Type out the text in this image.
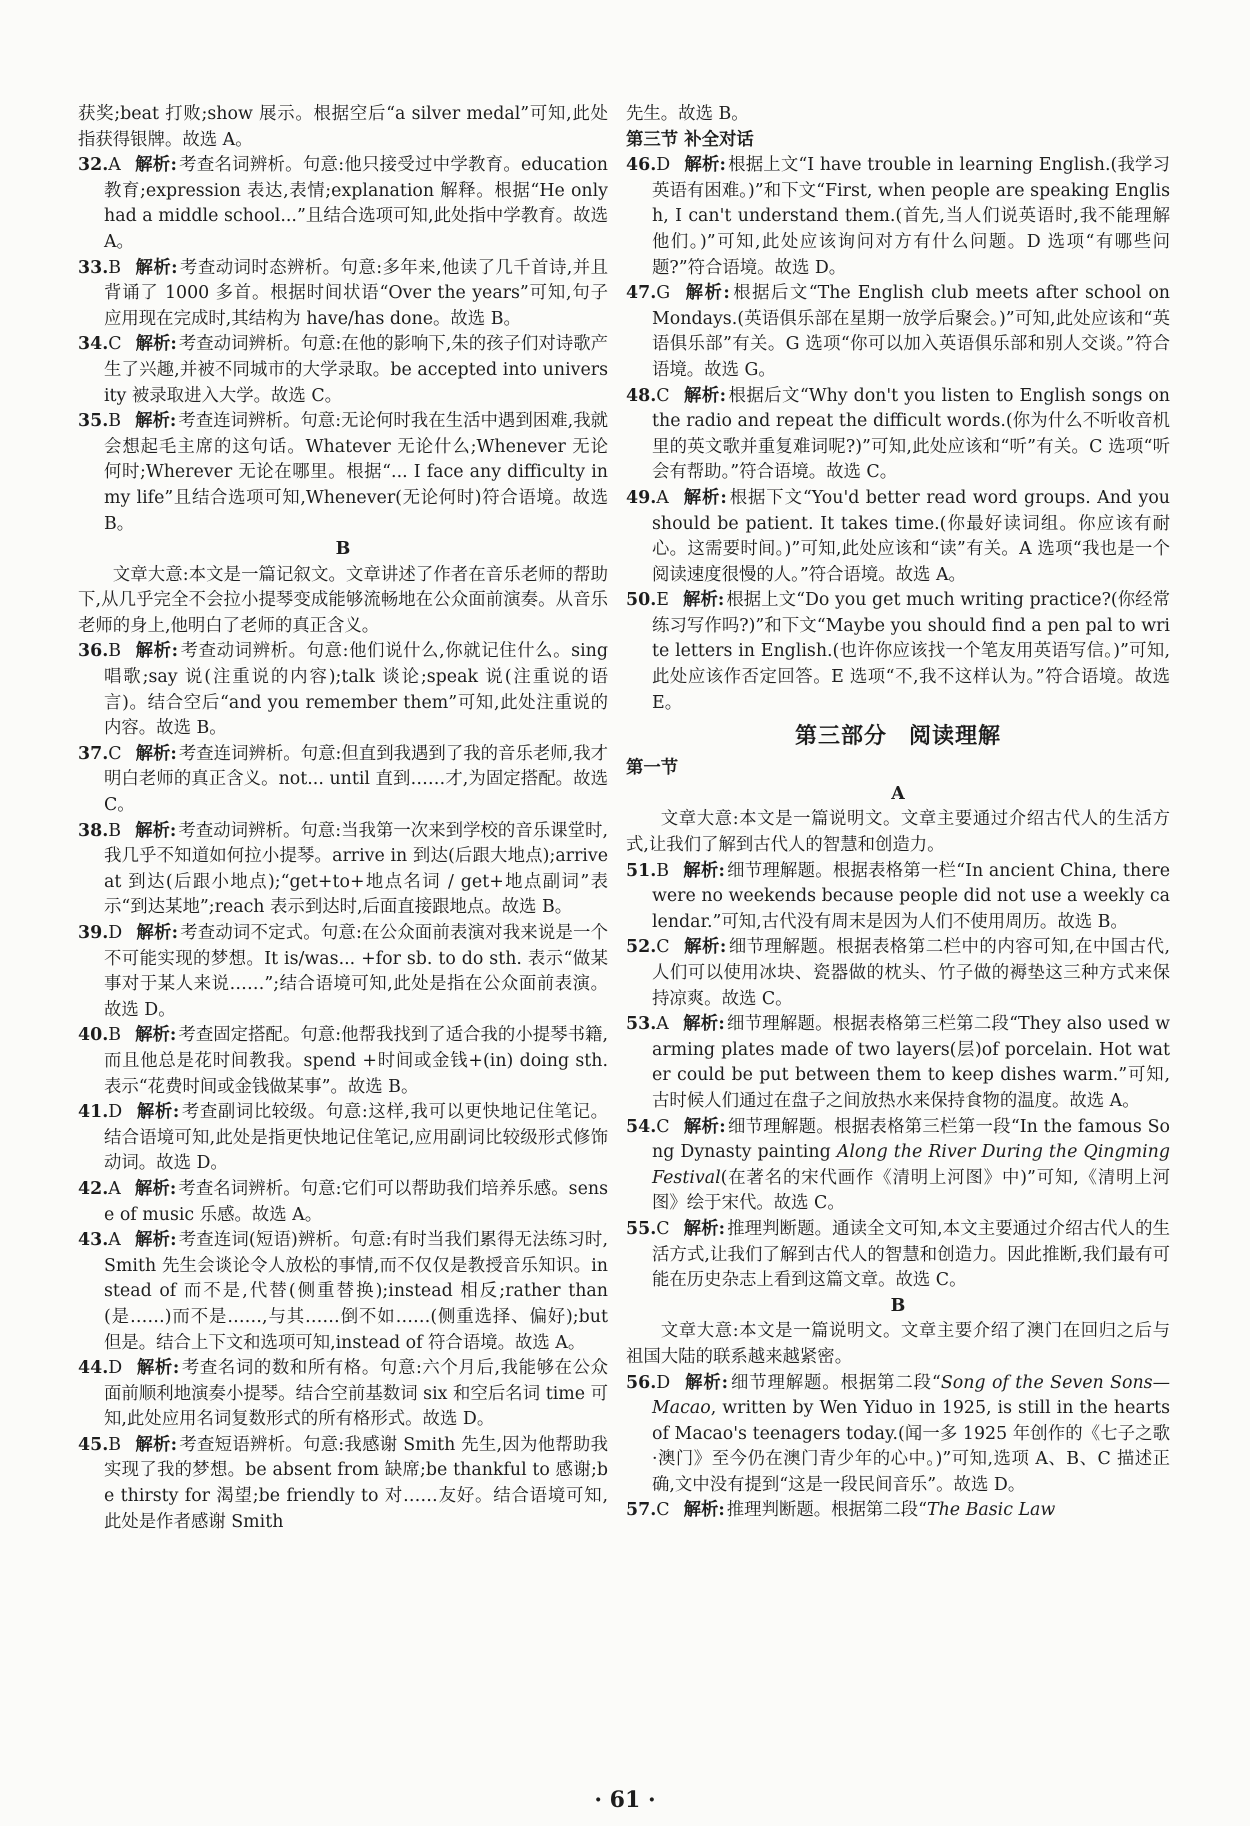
获奖;beat 打败;show 展示。根据空后“a silver medal”可知,此处指获得银牌。故选 A。

32.A 解析: 考查名词辨析。句意:他只接受过中学教育。education 教育;expression 表达,表情;explanation 解释。根据“He only had a middle school...”且结合选项可知,此处指中学教育。故选 A。

33.B 解析: 考查动词时态辨析。句意:多年来,他读了几千首诗,并且背诵了 1000 多首。根据时间状语“Over the years”可知,句子应用现在完成时,其结构为 have/has done。故选 B。

34.C 解析: 考查动词辨析。句意:在他的影响下,朱的孩子们对诗歌产生了兴趣,并被不同城市的大学录取。be accepted into university 被录取进入大学。故选 C。

35.B 解析: 考查连词辨析。句意:无论何时我在生活中遇到困难,我就会想起毛主席的这句话。Whatever 无论什么;Whenever 无论何时;Wherever 无论在哪里。根据“... I face any difficulty in my life”且结合选项可知,Whenever(无论何时)符合语境。故选 B。

B

文章大意:本文是一篇记叙文。文章讲述了作者在音乐老师的帮助下,从几乎完全不会拉小提琴变成能够流畅地在公众面前演奏。从音乐老师的身上,他明白了老师的真正含义。

36.B 解析: 考查动词辨析。句意:他们说什么,你就记住什么。sing 唱歌;say 说(注重说的内容);talk 谈论;speak 说(注重说的语言)。结合空后“and you remember them”可知,此处注重说的内容。故选 B。

37.C 解析: 考查连词辨析。句意:但直到我遇到了我的音乐老师,我才明白老师的真正含义。not... until 直到……才,为固定搭配。故选 C。

38.B 解析: 考查动词辨析。句意:当我第一次来到学校的音乐课堂时,我几乎不知道如何拉小提琴。arrive in 到达(后跟大地点);arrive at 到达(后跟小地点);“get+to+地点名词 / get+地点副词”表示“到达某地”;reach 表示到达时,后面直接跟地点。故选 B。

39.D 解析: 考查动词不定式。句意:在公众面前表演对我来说是一个不可能实现的梦想。It is/was... +for sb. to do sth. 表示“做某事对于某人来说……”;结合语境可知,此处是指在公众面前表演。故选 D。

40.B 解析: 考查固定搭配。句意:他帮我找到了适合我的小提琴书籍,而且他总是花时间教我。spend +时间或金钱+(in) doing sth. 表示“花费时间或金钱做某事”。故选 B。

41.D 解析: 考查副词比较级。句意:这样,我可以更快地记住笔记。结合语境可知,此处是指更快地记住笔记,应用副词比较级形式修饰动词。故选 D。

42.A 解析: 考查名词辨析。句意:它们可以帮助我们培养乐感。sense of music 乐感。故选 A。

43.A 解析: 考查连词(短语)辨析。句意:有时当我们累得无法练习时,Smith 先生会谈论令人放松的事情,而不仅仅是教授音乐知识。instead of 而不是,代替(侧重替换);instead 相反;rather than(是……)而不是……,与其……倒不如……(侧重选择、偏好);but 但是。结合上下文和选项可知,instead of 符合语境。故选 A。

44.D 解析: 考查名词的数和所有格。句意:六个月后,我能够在公众面前顺利地演奏小提琴。结合空前基数词 six 和空后名词 time 可知,此处应用名词复数形式的所有格形式。故选 D。

45.B 解析: 考查短语辨析。句意:我感谢 Smith 先生,因为他帮助我实现了我的梦想。be absent from 缺席;be thankful to 感谢;be thirsty for 渴望;be friendly to 对……友好。结合语境可知,此处是作者感谢 Smith

先生。故选 B。

第三节 补全对话

46.D 解析: 根据上文“I have trouble in learning English.(我学习英语有困难。)”和下文“First, when people are speaking English, I can't understand them.(首先,当人们说英语时,我不能理解他们。)”可知,此处应该询问对方有什么问题。D 选项“有哪些问题?”符合语境。故选 D。

47.G 解析: 根据后文“The English club meets after school on Mondays.(英语俱乐部在星期一放学后聚会。)”可知,此处应该和“英语俱乐部”有关。G 选项“你可以加入英语俱乐部和别人交谈。”符合语境。故选 G。

48.C 解析: 根据后文“Why don't you listen to English songs on the radio and repeat the difficult words.(你为什么不听收音机里的英文歌并重复难词呢?)”可知,此处应该和“听”有关。C 选项“听会有帮助。”符合语境。故选 C。

49.A 解析: 根据下文“You'd better read word groups. And you should be patient. It takes time.(你最好读词组。你应该有耐心。这需要时间。)”可知,此处应该和“读”有关。A 选项“我也是一个阅读速度很慢的人。”符合语境。故选 A。

50.E 解析: 根据上文“Do you get much writing practice?(你经常练习写作吗?)”和下文“Maybe you should find a pen pal to write letters in English.(也许你应该找一个笔友用英语写信。)”可知,此处应该作否定回答。E 选项“不,我不这样认为。”符合语境。故选 E。

第三部分 阅读理解

第一节

A

文章大意:本文是一篇说明文。文章主要通过介绍古代人的生活方式,让我们了解到古代人的智慧和创造力。

51.B 解析: 细节理解题。根据表格第一栏“In ancient China, there were no weekends because people did not use a weekly calendar.”可知,古代没有周末是因为人们不使用周历。故选 B。

52.C 解析: 细节理解题。根据表格第二栏中的内容可知,在中国古代,人们可以使用冰块、瓷器做的枕头、竹子做的褥垫这三种方式来保持凉爽。故选 C。

53.A 解析: 细节理解题。根据表格第三栏第二段“They also used warming plates made of two layers(层)of porcelain. Hot water could be put between them to keep dishes warm.”可知,古时候人们通过在盘子之间放热水来保持食物的温度。故选 A。

54.C 解析: 细节理解题。根据表格第三栏第一段“In the famous Song Dynasty painting Along the River During the Qingming Festival(在著名的宋代画作《清明上河图》中)”可知,《清明上河图》绘于宋代。故选 C。

55.C 解析: 推理判断题。通读全文可知,本文主要通过介绍古代人的生活方式,让我们了解到古代人的智慧和创造力。因此推断,我们最有可能在历史杂志上看到这篇文章。故选 C。

B

文章大意:本文是一篇说明文。文章主要介绍了澳门在回归之后与祖国大陆的联系越来越紧密。

56.D 解析: 细节理解题。根据第二段“Song of the Seven Sons—Macao, written by Wen Yiduo in 1925, is still in the hearts of Macao's teenagers today.(闻一多 1925 年创作的《七子之歌·澳门》至今仍在澳门青少年的心中。)”可知,选项 A、B、C 描述正确,文中没有提到“这是一段民间音乐”。故选 D。

57.C 解析: 推理判断题。根据第二段“The Basic Law

· 61 ·
